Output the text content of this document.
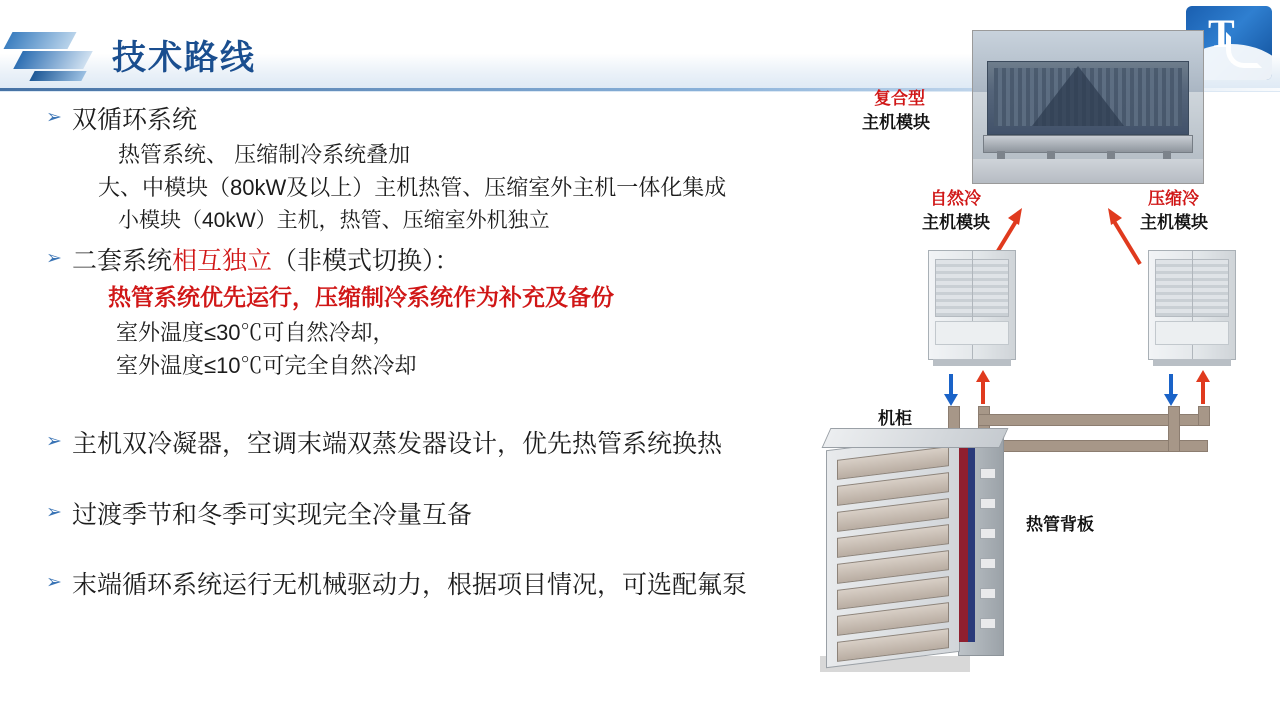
技术路线
T
➢ 双循环系统
热管系统、 压缩制冷系统叠加
大、中模块（80kW及以上）主机热管、压缩室外主机一体化集成
小模块（40kW）主机，热管、压缩室外机独立
➢ 二套系统相互独立（非模式切换）：
热管系统优先运行，压缩制冷系统作为补充及备份
室外温度≤30℃可自然冷却，
室外温度≤10℃可完全自然冷却
➢ 主机双冷凝器，空调末端双蒸发器设计，优先热管系统换热
➢ 过渡季节和冬季可实现完全冷量互备
➢ 末端循环系统运行无机械驱动力，根据项目情况，可选配氟泵
复合型
主机模块
自然冷
主机模块
压缩冷
主机模块
机柜
热管背板
